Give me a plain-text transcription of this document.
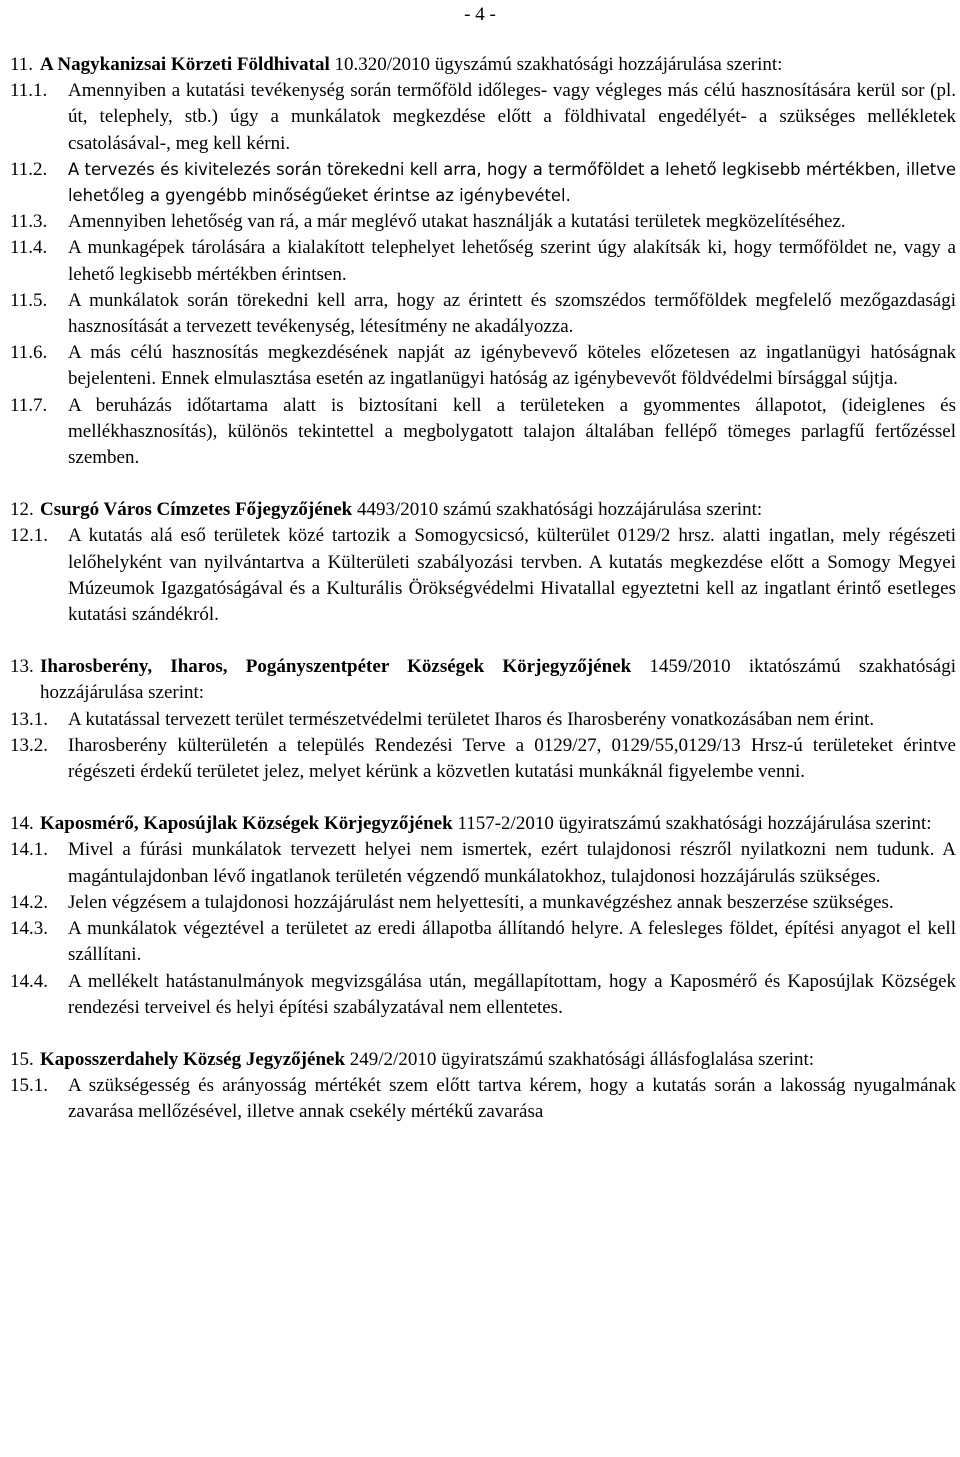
- 4 -
11. A Nagykanizsai Körzeti Földhivatal 10.320/2010 ügyszámú szakhatósági hozzájárulása szerint:
11.1. Amennyiben a kutatási tevékenység során termőföld időleges- vagy végleges más célú hasznosítására kerül sor (pl. út, telephely, stb.) úgy a munkálatok megkezdése előtt a földhivatal engedélyét- a szükséges mellékletek csatolásával-, meg kell kérni.
11.2. A tervezés és kivitelezés során törekedni kell arra, hogy a termőföldet a lehető legkisebb mértékben, illetve lehetőleg a gyengébb minőségűeket érintse az igénybevétel.
11.3. Amennyiben lehetőség van rá, a már meglévő utakat használják a kutatási területek megközelítéséhez.
11.4. A munkagépek tárolására a kialakított telephelyet lehetőség szerint úgy alakítsák ki, hogy termőföldet ne, vagy a lehető legkisebb mértékben érintsen.
11.5. A munkálatok során törekedni kell arra, hogy az érintett és szomszédos termőföldek megfelelő mezőgazdasági hasznosítását a tervezett tevékenység, létesítmény ne akadályozza.
11.6. A más célú hasznosítás megkezdésének napját az igénybevevő köteles előzetesen az ingatlanügyi hatóságnak bejelenteni. Ennek elmulasztása esetén az ingatlanügyi hatóság az igénybevevőt földvédelmi bírsággal sújtja.
11.7. A beruházás időtartama alatt is biztosítani kell a területeken a gyommentes állapotot, (ideiglenes és mellékhasznosítás), különös tekintettel a megbolygatott talajon általában fellépő tömeges parlagfű fertőzéssel szemben.
12. Csurgó Város Címzetes Főjegyzőjének 4493/2010 számú szakhatósági hozzájárulása szerint:
12.1. A kutatás alá eső területek közé tartozik a Somogycsicsó, külterület 0129/2 hrsz. alatti ingatlan, mely régészeti lelőhelyként van nyilvántartva a Külterületi szabályozási tervben. A kutatás megkezdése előtt a Somogy Megyei Múzeumok Igazgatóságával és a Kulturális Örökségvédelmi Hivatallal egyeztetni kell az ingatlant érintő esetleges kutatási szándékról.
13. Iharosberény, Iharos, Pogányszentpéter Községek Körjegyzőjének 1459/2010 iktatószámú szakhatósági hozzájárulása szerint:
13.1. A kutatással tervezett terület természetvédelmi területet Iharos és Iharosberény vonatkozásában nem érint.
13.2. Iharosberény külterületén a település Rendezési Terve a 0129/27, 0129/55,0129/13 Hrsz-ú területeket érintve régészeti érdekű területet jelez, melyet kérünk a közvetlen kutatási munkáknál figyelembe venni.
14. Kaposmérő, Kaposújlak Községek Körjegyzőjének 1157-2/2010 ügyiratszámú szakhatósági hozzájárulása szerint:
14.1. Mivel a fúrási munkálatok tervezett helyei nem ismertek, ezért tulajdonosi részről nyilatkozni nem tudunk. A magántulajdonban lévő ingatlanok területén végzendő munkálatokhoz, tulajdonosi hozzájárulás szükséges.
14.2. Jelen végzésem a tulajdonosi hozzájárulást nem helyettesíti, a munkavégzéshez annak beszerzése szükséges.
14.3. A munkálatok végeztével a területet az eredi állapotba állítandó helyre. A felesleges földet, építési anyagot el kell szállítani.
14.4. A mellékelt hatástanulmányok megvizsgálása után, megállapítottam, hogy a Kaposmérő és Kaposújlak Községek rendezési terveivel és helyi építési szabályzatával nem ellentetes.
15. Kaposszerdahely Község Jegyzőjének 249/2/2010 ügyiratszámú szakhatósági állásfoglalása szerint:
15.1. A szükségesség és arányosság mértékét szem előtt tartva kérem, hogy a kutatás során a lakosság nyugalmának zavarása mellőzésével, illetve annak csekély mértékű zavarása
